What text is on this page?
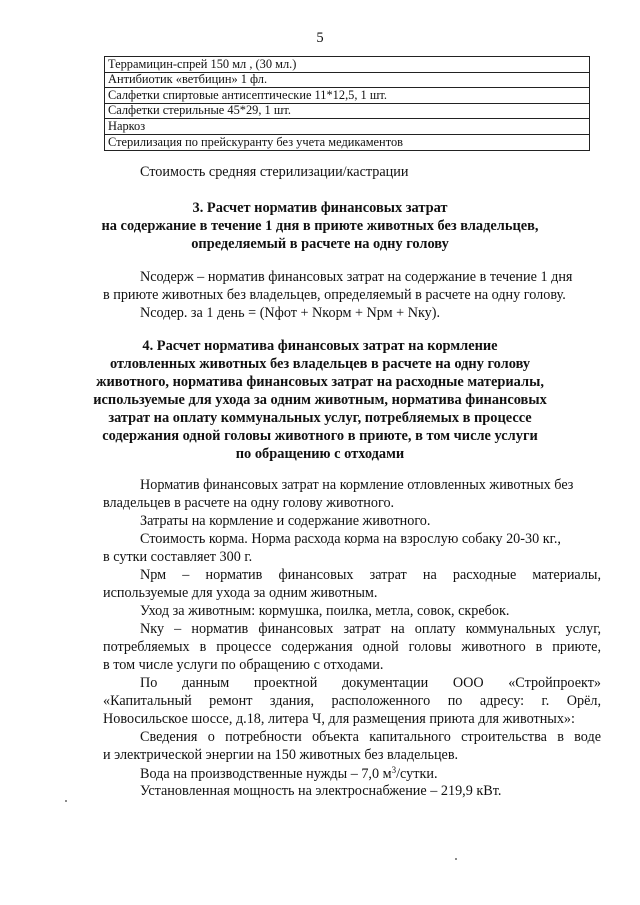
5
Террамицин-спрей 150 мл , (30 мл.)
Антибиотик «ветбицин» 1 фл.
Салфетки спиртовые антисептические 11*12,5, 1 шт.
Салфетки стерильные 45*29, 1 шт.
Наркоз
Стерилизация по прейскуранту без учета медикаментов
Стоимость средняя стерилизации/кастрации
3. Расчет норматив финансовых затрат
на содержание в течение 1 дня в приюте животных без владельцев,
определяемый в расчете на одну голову
Nсодерж – норматив финансовых затрат на содержание в течение 1 дня
в приюте животных без владельцев, определяемый в расчете на одну голову.
Nсодер. за 1 день = (Nфот + Nкорм + Nрм + Nку).
4. Расчет норматива финансовых затрат на кормление
отловленных животных без владельцев в расчете на одну голову
животного, норматива финансовых затрат на расходные материалы,
используемые для ухода за одним животным, норматива финансовых
затрат на оплату коммунальных услуг, потребляемых в процессе
содержания одной головы животного в приюте, в том числе услуги
по обращению с отходами
Норматив финансовых затрат на кормление отловленных животных без
владельцев в расчете на одну голову животного.
Затраты на кормление и содержание животного.
Стоимость корма. Норма расхода корма на взрослую собаку 20-30 кг.,
в сутки составляет 300 г.
Nрм – норматив финансовых затрат на расходные материалы,
используемые для ухода за одним животным.
Уход за животным: кормушка, поилка, метла, совок, скребок.
Nку – норматив финансовых затрат на оплату коммунальных услуг,
потребляемых в процессе содержания одной головы животного в приюте,
в том числе услуги по обращению с отходами.
По данным проектной документации ООО «Стройпроект»
«Капитальный ремонт здания, расположенного по адресу: г. Орёл,
Новосильское шоссе, д.18, литера Ч, для размещения приюта для животных»:
Сведения о потребности объекта капитального строительства в воде
и электрической энергии на 150 животных без владельцев.
Вода на производственные нужды – 7,0 $м^3$/сутки.
Установленная мощность на электроснабжение – 219,9 кВт.
